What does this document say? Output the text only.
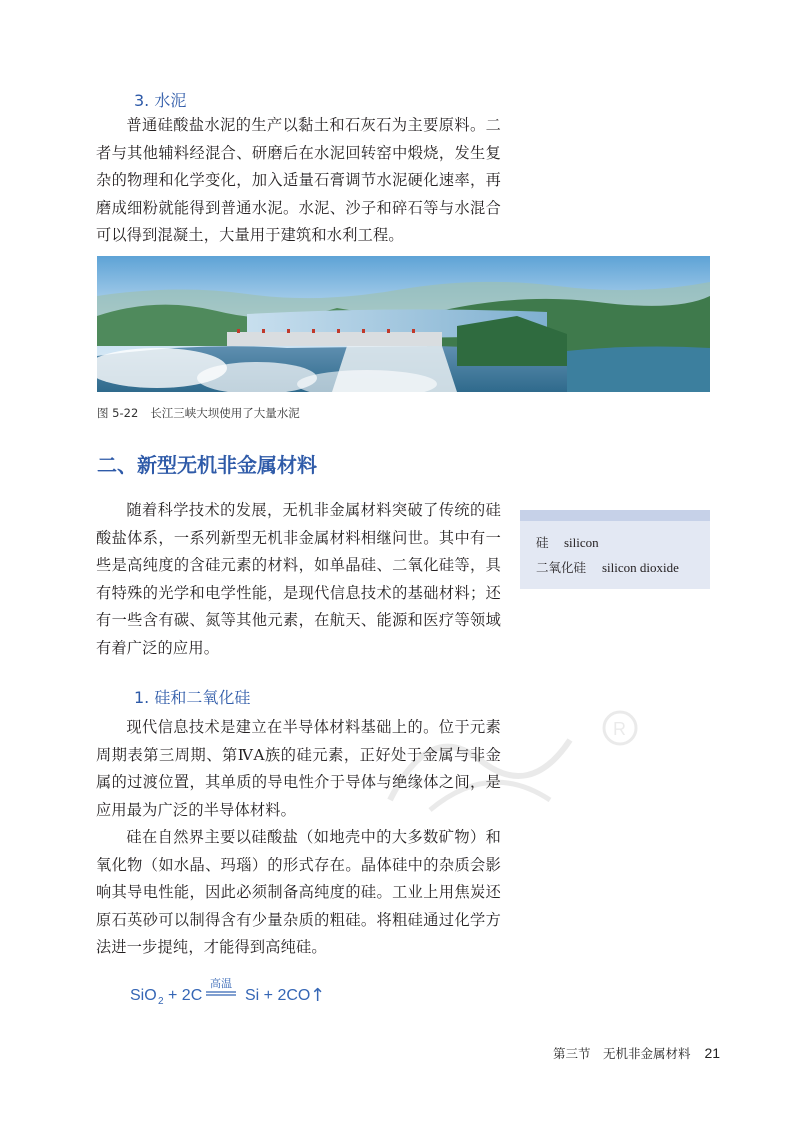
3. 水泥

普通硅酸盐水泥的生产以黏土和石灰石为主要原料。二者与其他辅料经混合、研磨后在水泥回转窑中煅烧，发生复杂的物理和化学变化，加入适量石膏调节水泥硬化速率，再磨成细粉就能得到普通水泥。水泥、沙子和碎石等与水混合可以得到混凝土，大量用于建筑和水利工程。

图 5-22 长江三峡大坝使用了大量水泥
二、新型无机非金属材料

随着科学技术的发展，无机非金属材料突破了传统的硅酸盐体系，一系列新型无机非金属材料相继问世。其中有一些是高纯度的含硅元素的材料，如单晶硅、二氧化硅等，具有特殊的光学和电学性能，是现代信息技术的基础材料；还有一些含有碳、氮等其他元素，在航天、能源和医疗等领域有着广泛的应用。

硅 silicon
二氧化硅 silicon dioxide
1. 硅和二氧化硅

现代信息技术是建立在半导体材料基础上的。位于元素周期表第三周期、第ⅣA族的硅元素，正好处于金属与非金属的过渡位置，其单质的导电性介于导体与绝缘体之间，是应用最为广泛的半导体材料。

硅在自然界主要以硅酸盐（如地壳中的大多数矿物）和氧化物（如水晶、玛瑙）的形式存在。晶体硅中的杂质会影响其导电性能，因此必须制备高纯度的硅。工业上用焦炭还原石英砂可以制得含有少量杂质的粗硅。将粗硅通过化学方法进一步提纯，才能得到高纯硅。

R
SiO 2 + 2C
高温
Si + 2CO ↑
第三节　无机非金属材料 21
